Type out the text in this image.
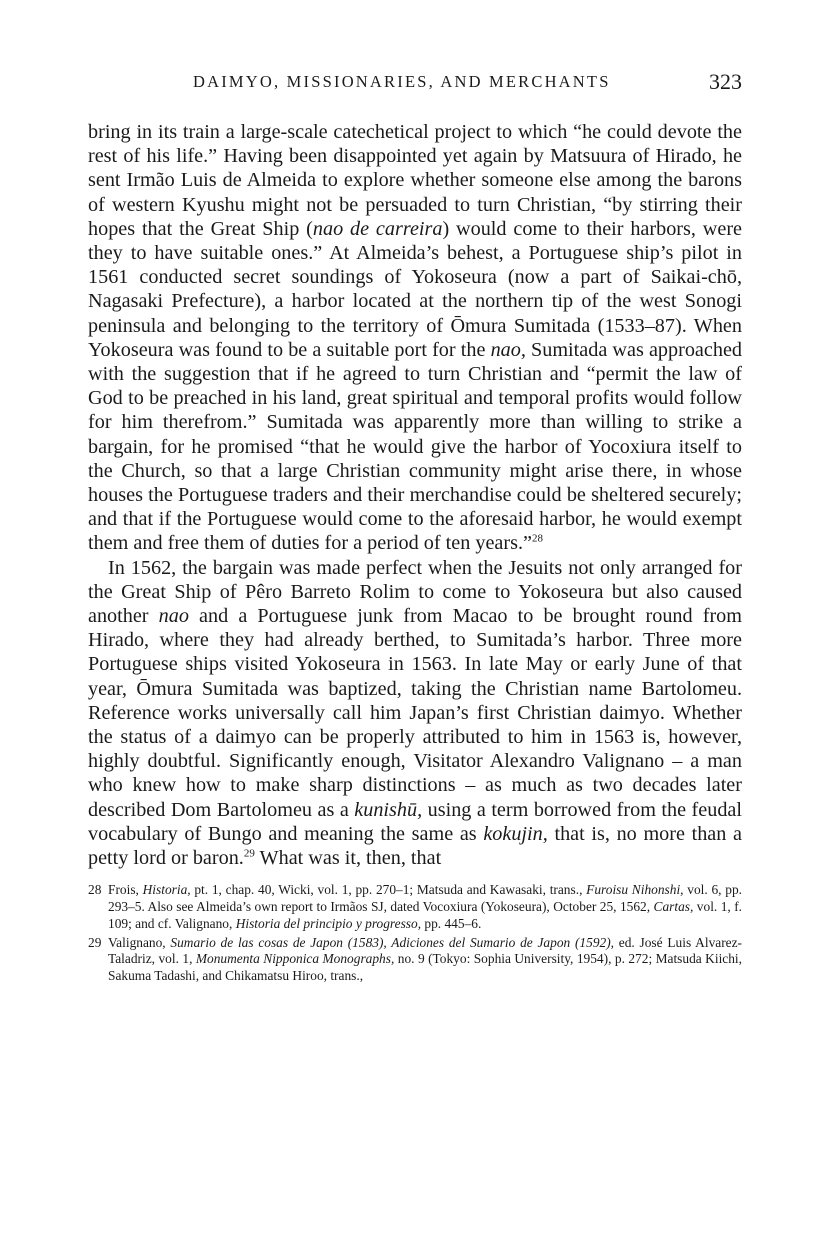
DAIMYO, MISSIONARIES, AND MERCHANTS	323

bring in its train a large-scale catechetical project to which “he could devote the rest of his life.” Having been disappointed yet again by Matsuura of Hirado, he sent Irmão Luis de Almeida to explore whether someone else among the barons of western Kyushu might not be persuaded to turn Christian, “by stirring their hopes that the Great Ship (nao de carreira) would come to their harbors, were they to have suitable ones.” At Almeida’s behest, a Portuguese ship’s pilot in 1561 conducted secret soundings of Yokoseura (now a part of Saikai-chō, Nagasaki Prefecture), a harbor located at the northern tip of the west Sonogi peninsula and belonging to the territory of Ōmura Sumitada (1533–87). When Yokoseura was found to be a suitable port for the nao, Sumitada was approached with the suggestion that if he agreed to turn Christian and “permit the law of God to be preached in his land, great spiritual and temporal profits would follow for him therefrom.” Sumitada was apparently more than willing to strike a bargain, for he promised “that he would give the harbor of Yocoxiura itself to the Church, so that a large Christian community might arise there, in whose houses the Portuguese traders and their merchandise could be sheltered securely; and that if the Portuguese would come to the aforesaid harbor, he would exempt them and free them of duties for a period of ten years.”$^{28}$

In 1562, the bargain was made perfect when the Jesuits not only arranged for the Great Ship of Pêro Barreto Rolim to come to Yokoseura but also caused another nao and a Portuguese junk from Macao to be brought round from Hirado, where they had already berthed, to Sumitada’s harbor. Three more Portuguese ships visited Yokoseura in 1563. In late May or early June of that year, Ōmura Sumitada was baptized, taking the Christian name Bartolomeu. Reference works universally call him Japan’s first Christian daimyo. Whether the status of a daimyo can be properly attributed to him in 1563 is, however, highly doubtful. Significantly enough, Visitator Alexandro Valignano – a man who knew how to make sharp distinctions – as much as two decades later described Dom Bartolomeu as a kunishū, using a term borrowed from the feudal vocabulary of Bungo and meaning the same as kokujin, that is, no more than a petty lord or baron.$^{29}$ What was it, then, that

28 Frois, Historia, pt. 1, chap. 40, Wicki, vol. 1, pp. 270–1; Matsuda and Kawasaki, trans., Furoisu Nihonshi, vol. 6, pp. 293–5. Also see Almeida’s own report to Irmãos SJ, dated Vocoxiura (Yokoseura), October 25, 1562, Cartas, vol. 1, f. 109; and cf. Valignano, Historia del principio y progresso, pp. 445–6.

29 Valignano, Sumario de las cosas de Japon (1583), Adiciones del Sumario de Japon (1592), ed. José Luis Alvarez-Taladriz, vol. 1, Monumenta Nipponica Monographs, no. 9 (Tokyo: Sophia University, 1954), p. 272; Matsuda Kiichi, Sakuma Tadashi, and Chikamatsu Hiroo, trans.,
